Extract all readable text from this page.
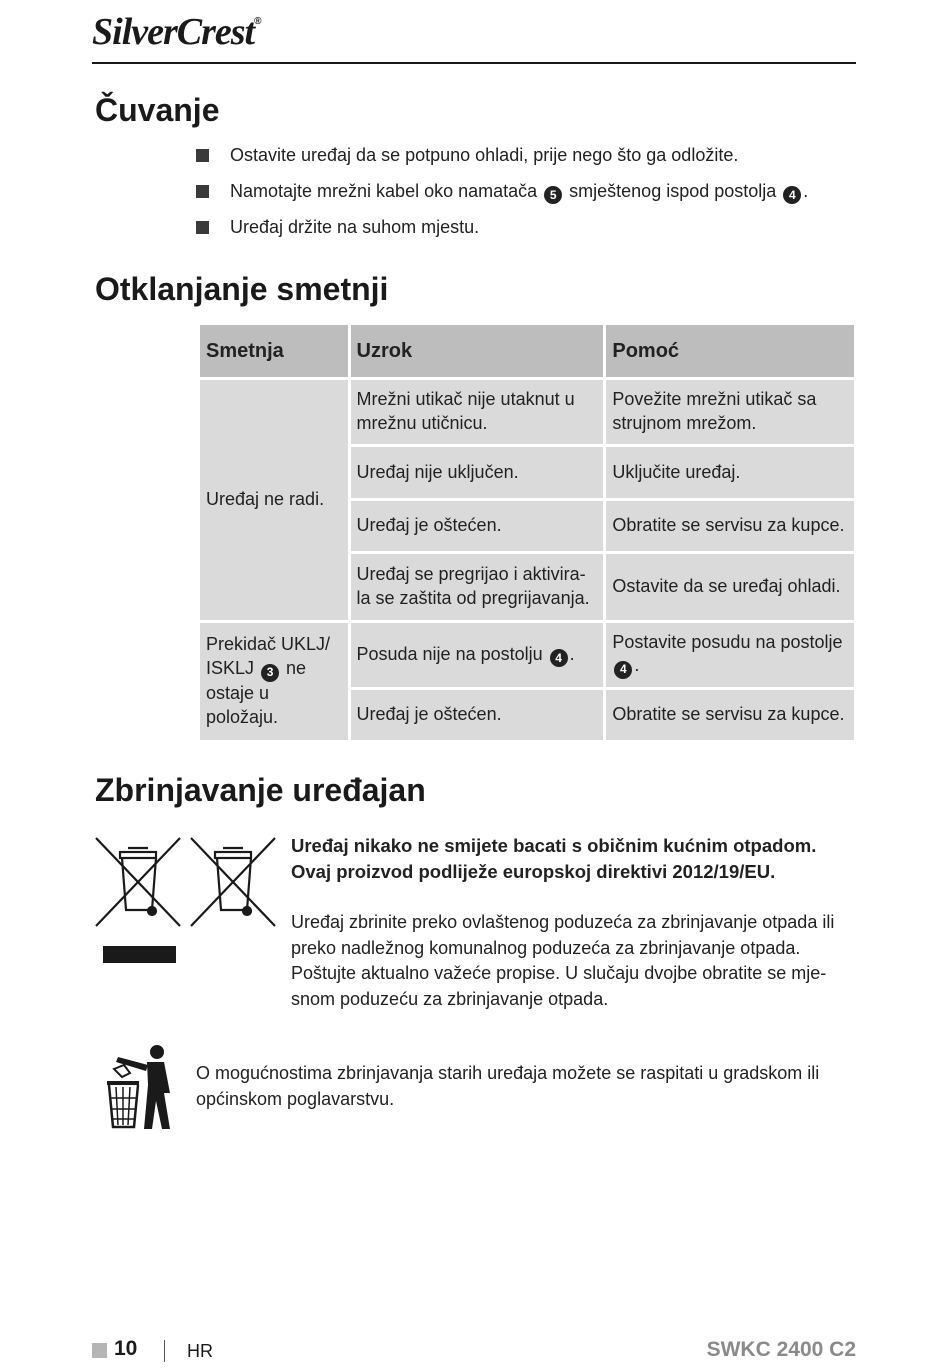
SilverCrest®
Čuvanje
Ostavite uređaj da se potpuno ohladi, prije nego što ga odložite.
Namotajte mrežni kabel oko namatača 5 smještenog ispod postolja 4 .
Uređaj držite na suhom mjestu.
Otklanjanje smetnji
Smetnja	Uzrok	Pomoć
Uređaj ne radi.	Mrežni utikač nije utaknut u mrežnu utičnicu.	Povežite mrežni utikač sa strujnom mrežom.
	Uređaj nije uključen.	Uključite uređaj.
	Uređaj je oštećen.	Obratite se servisu za kupce.
	Uređaj se pregrijao i aktivira-la se zaštita od pregrijavanja.	Ostavite da se uređaj ohladi.
Prekidač UKLJ/ ISKLJ 3 ne ostaje u položaju.	Posuda nije na postolju 4 .	Postavite posudu na postolje 4 .
	Uređaj je oštećen.	Obratite se servisu za kupce.
Zbrinjavanje uređajan
Uređaj nikako ne smijete bacati s običnim kućnim otpadom. Ovaj proizvod podliježe europskoj direktivi 2012/19/EU.
Uređaj zbrinite preko ovlaštenog poduzeća za zbrinjavanje otpada ili preko nadležnog komunalnog poduzeća za zbrinjavanje otpada. Poštujte aktualno važeće propise. U slučaju dvojbe obratite se mje-snom poduzeću za zbrinjavanje otpada.
O mogućnostima zbrinjavanja starih uređaja možete se raspitati u gradskom ili općinskom poglavarstvu.
10	HR	SWKC 2400 C2
